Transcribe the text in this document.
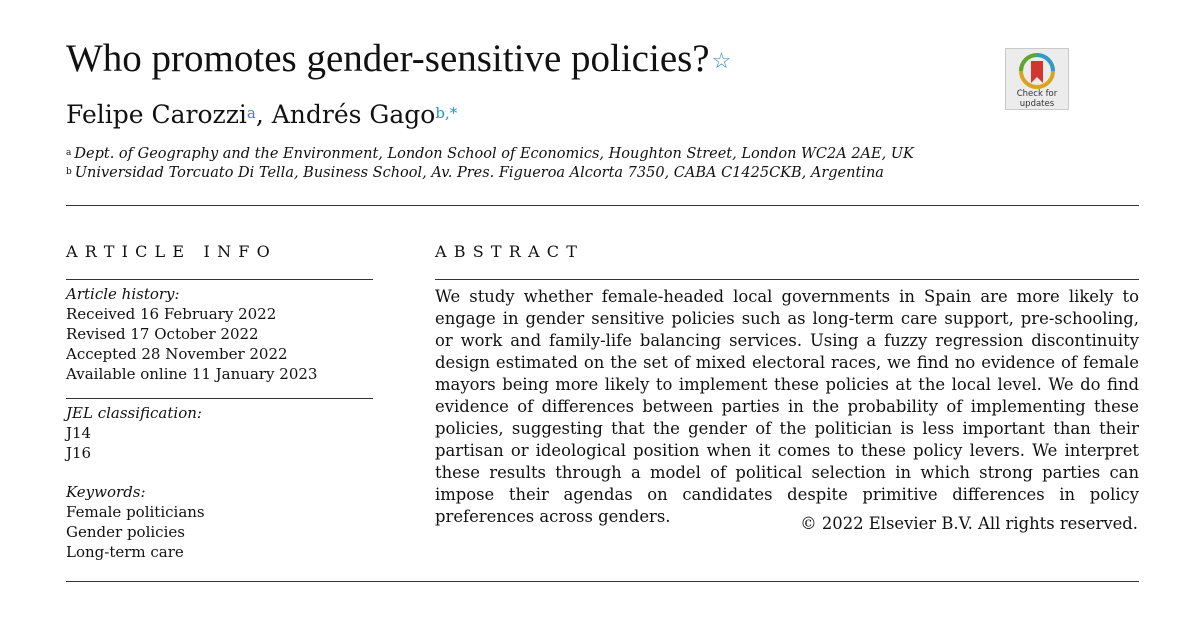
Who promotes gender-sensitive policies?☆
Check for
updates
Felipe Carozzi$^a$, Andrés Gago$^{b,*}$
$^a$ Dept. of Geography and the Environment, London School of Economics, Houghton Street, London WC2A 2AE, UK
$^b$ Universidad Torcuato Di Tella, Business School, Av. Pres. Figueroa Alcorta 7350, CABA C1425CKB, Argentina
ARTICLE INFO	ABSTRACT
Article history:
Received 16 February 2022
Revised 17 October 2022
Accepted 28 November 2022
Available online 11 January 2023
JEL classification:
J14
J16
Keywords:
Female politicians
Gender policies
Long-term care

We study whether female-headed local governments in Spain are more likely to engage in gender sensitive policies such as long-term care support, pre-schooling, or work and family-life balancing services. Using a fuzzy regression discontinuity design estimated on the set of mixed electoral races, we find no evidence of female mayors being more likely to implement these policies at the local level. We do find evidence of differences between parties in the probability of implementing these policies, suggesting that the gender of the politician is less important than their partisan or ideological position when it comes to these policy levers. We interpret these results through a model of political selection in which strong parties can impose their agendas on candidates despite primitive differences in policy preferences across genders.	© 2022 Elsevier B.V. All rights reserved.
